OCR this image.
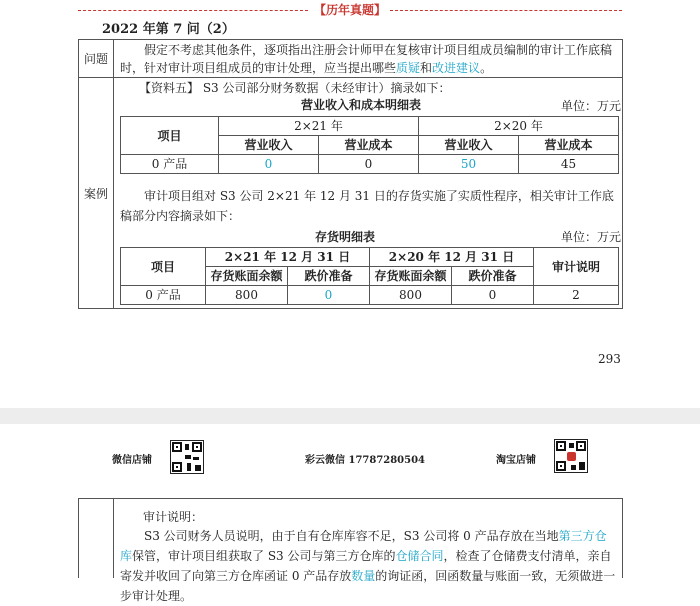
【历年真题】
2022 年第 7 问（2）
问题
假定不考虑其他条件，逐项指出注册会计师甲在复核审计项目组成员编制的审计工作底稿时，针对审计项目组成员的审计处理，应当提出哪些质疑和改进建议。
案例
【资料五】 S3 公司部分财务数据（未经审计）摘录如下：
营业收入和成本明细表	单位：万元
项目	2×21 年		2×20 年	
	营业收入	营业成本	营业收入	营业成本
0 产品	0	0	50	45
审计项目组对 S3 公司 2×21 年 12 月 31 日的存货实施了实质性程序，相关审计工作底稿部分内容摘录如下：
存货明细表	单位：万元
项目	2×21 年 12 月 31 日		2×20 年 12 月 31 日		审计说明
	存货账面余额	跌价准备	存货账面余额	跌价准备	
0 产品	800	0	800	0	2
293
微信店铺	彩云微信 17787280504	淘宝店铺
审计说明：
S3 公司财务人员说明，由于自有仓库库容不足，S3 公司将 0 产品存放在当地第三方仓库保管，审计项目组获取了 S3 公司与第三方仓库的仓储合同，检查了仓储费支付清单，亲自寄发并收回了向第三方仓库函证 0 产品存放数量的询证函，回函数量与账面一致，无须做进一步审计处理。
